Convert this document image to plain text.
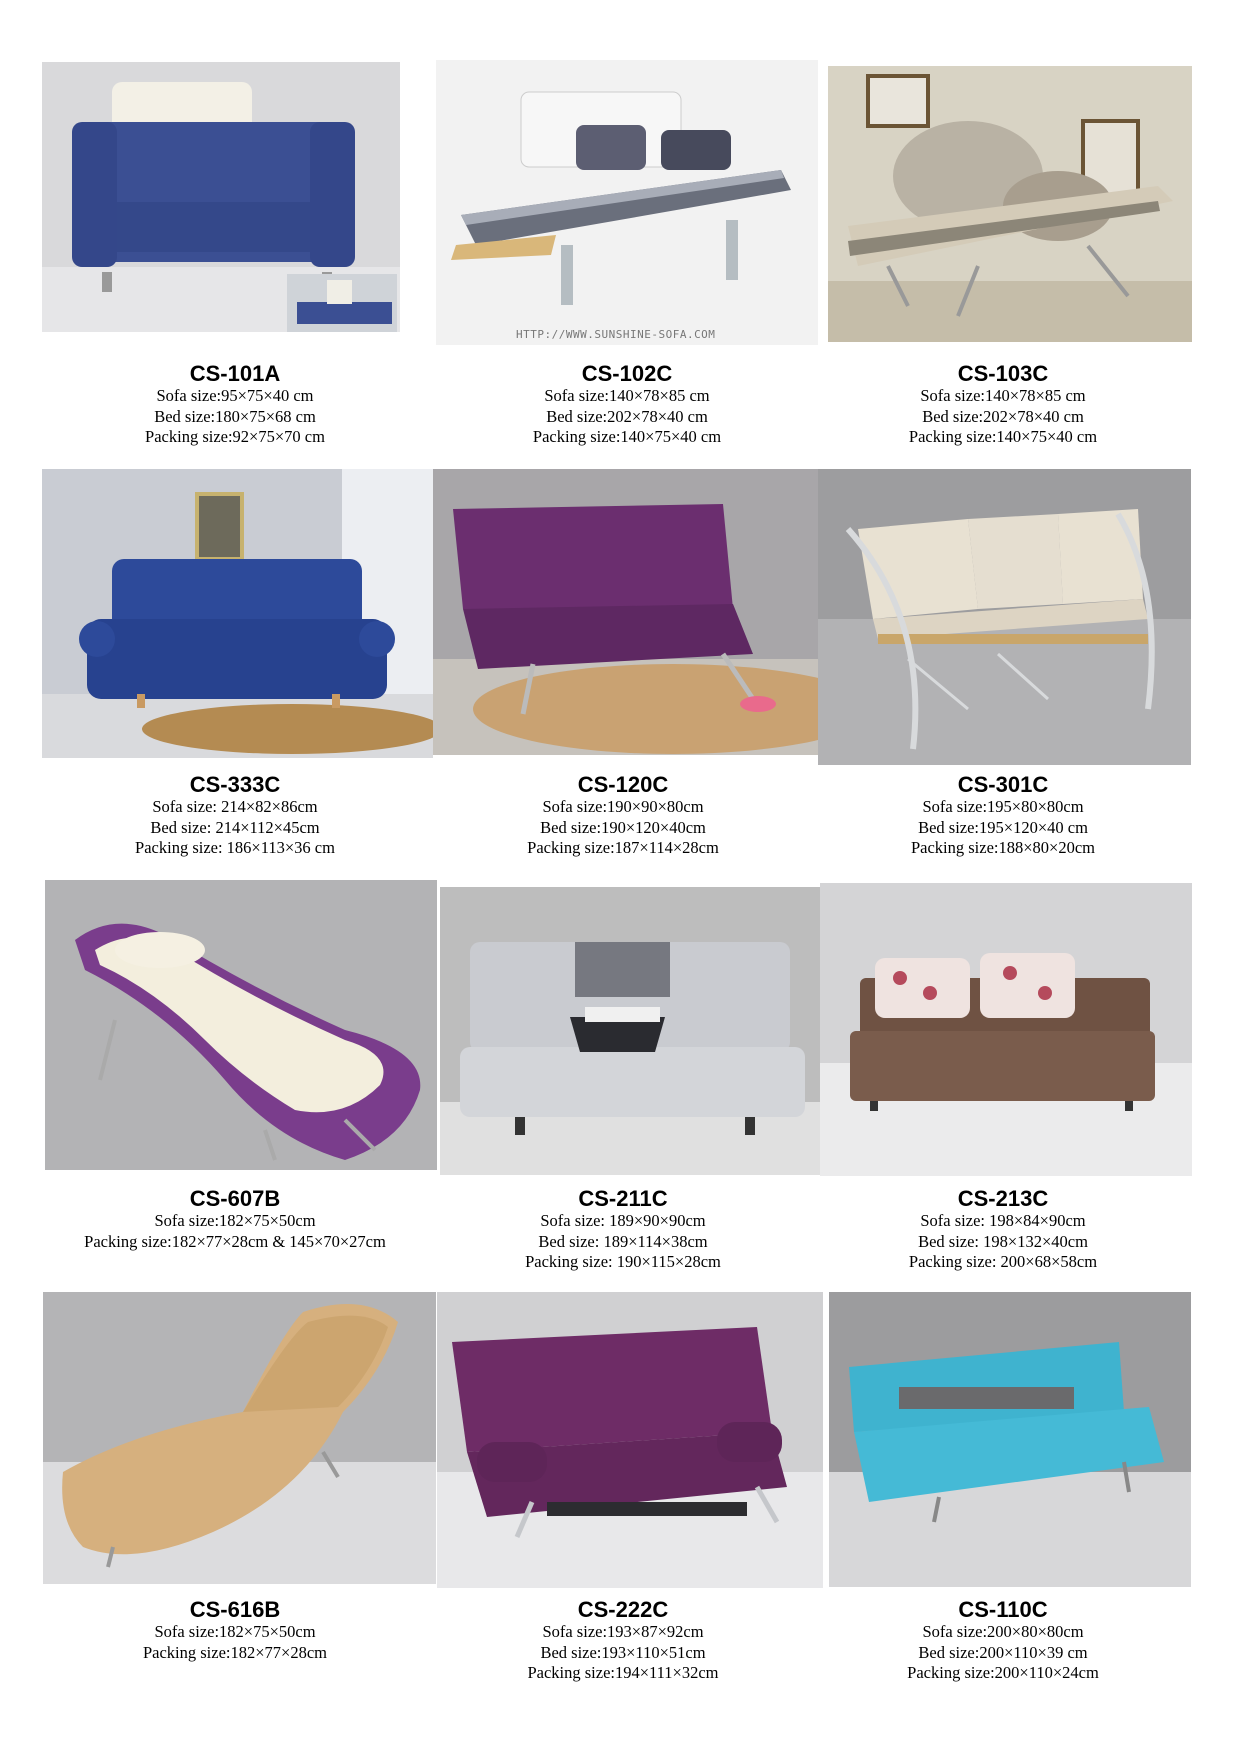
CS-101A
Sofa size:95×75×40 cm
Bed size:180×75×68 cm
Packing size:92×75×70 cm
HTTP://WWW.SUNSHINE-SOFA.COM
CS-102C
Sofa size:140×78×85 cm
Bed size:202×78×40 cm
Packing size:140×75×40 cm
CS-103C
Sofa size:140×78×85 cm
Bed size:202×78×40 cm
Packing size:140×75×40 cm
CS-333C
Sofa size: 214×82×86cm
Bed size: 214×112×45cm
Packing size: 186×113×36 cm
CS-120C
Sofa size:190×90×80cm
Bed size:190×120×40cm
Packing size:187×114×28cm
CS-301C
Sofa size:195×80×80cm
Bed size:195×120×40 cm
Packing size:188×80×20cm
CS-607B
Sofa size:182×75×50cm
Packing size:182×77×28cm & 145×70×27cm
CS-211C
Sofa size: 189×90×90cm
Bed size: 189×114×38cm
Packing size: 190×115×28cm
CS-213C
Sofa size: 198×84×90cm
Bed size: 198×132×40cm
Packing size: 200×68×58cm
CS-616B
Sofa size:182×75×50cm
Packing size:182×77×28cm
CS-222C
Sofa size:193×87×92cm
Bed size:193×110×51cm
Packing size:194×111×32cm
CS-110C
Sofa size:200×80×80cm
Bed size:200×110×39 cm
Packing size:200×110×24cm
